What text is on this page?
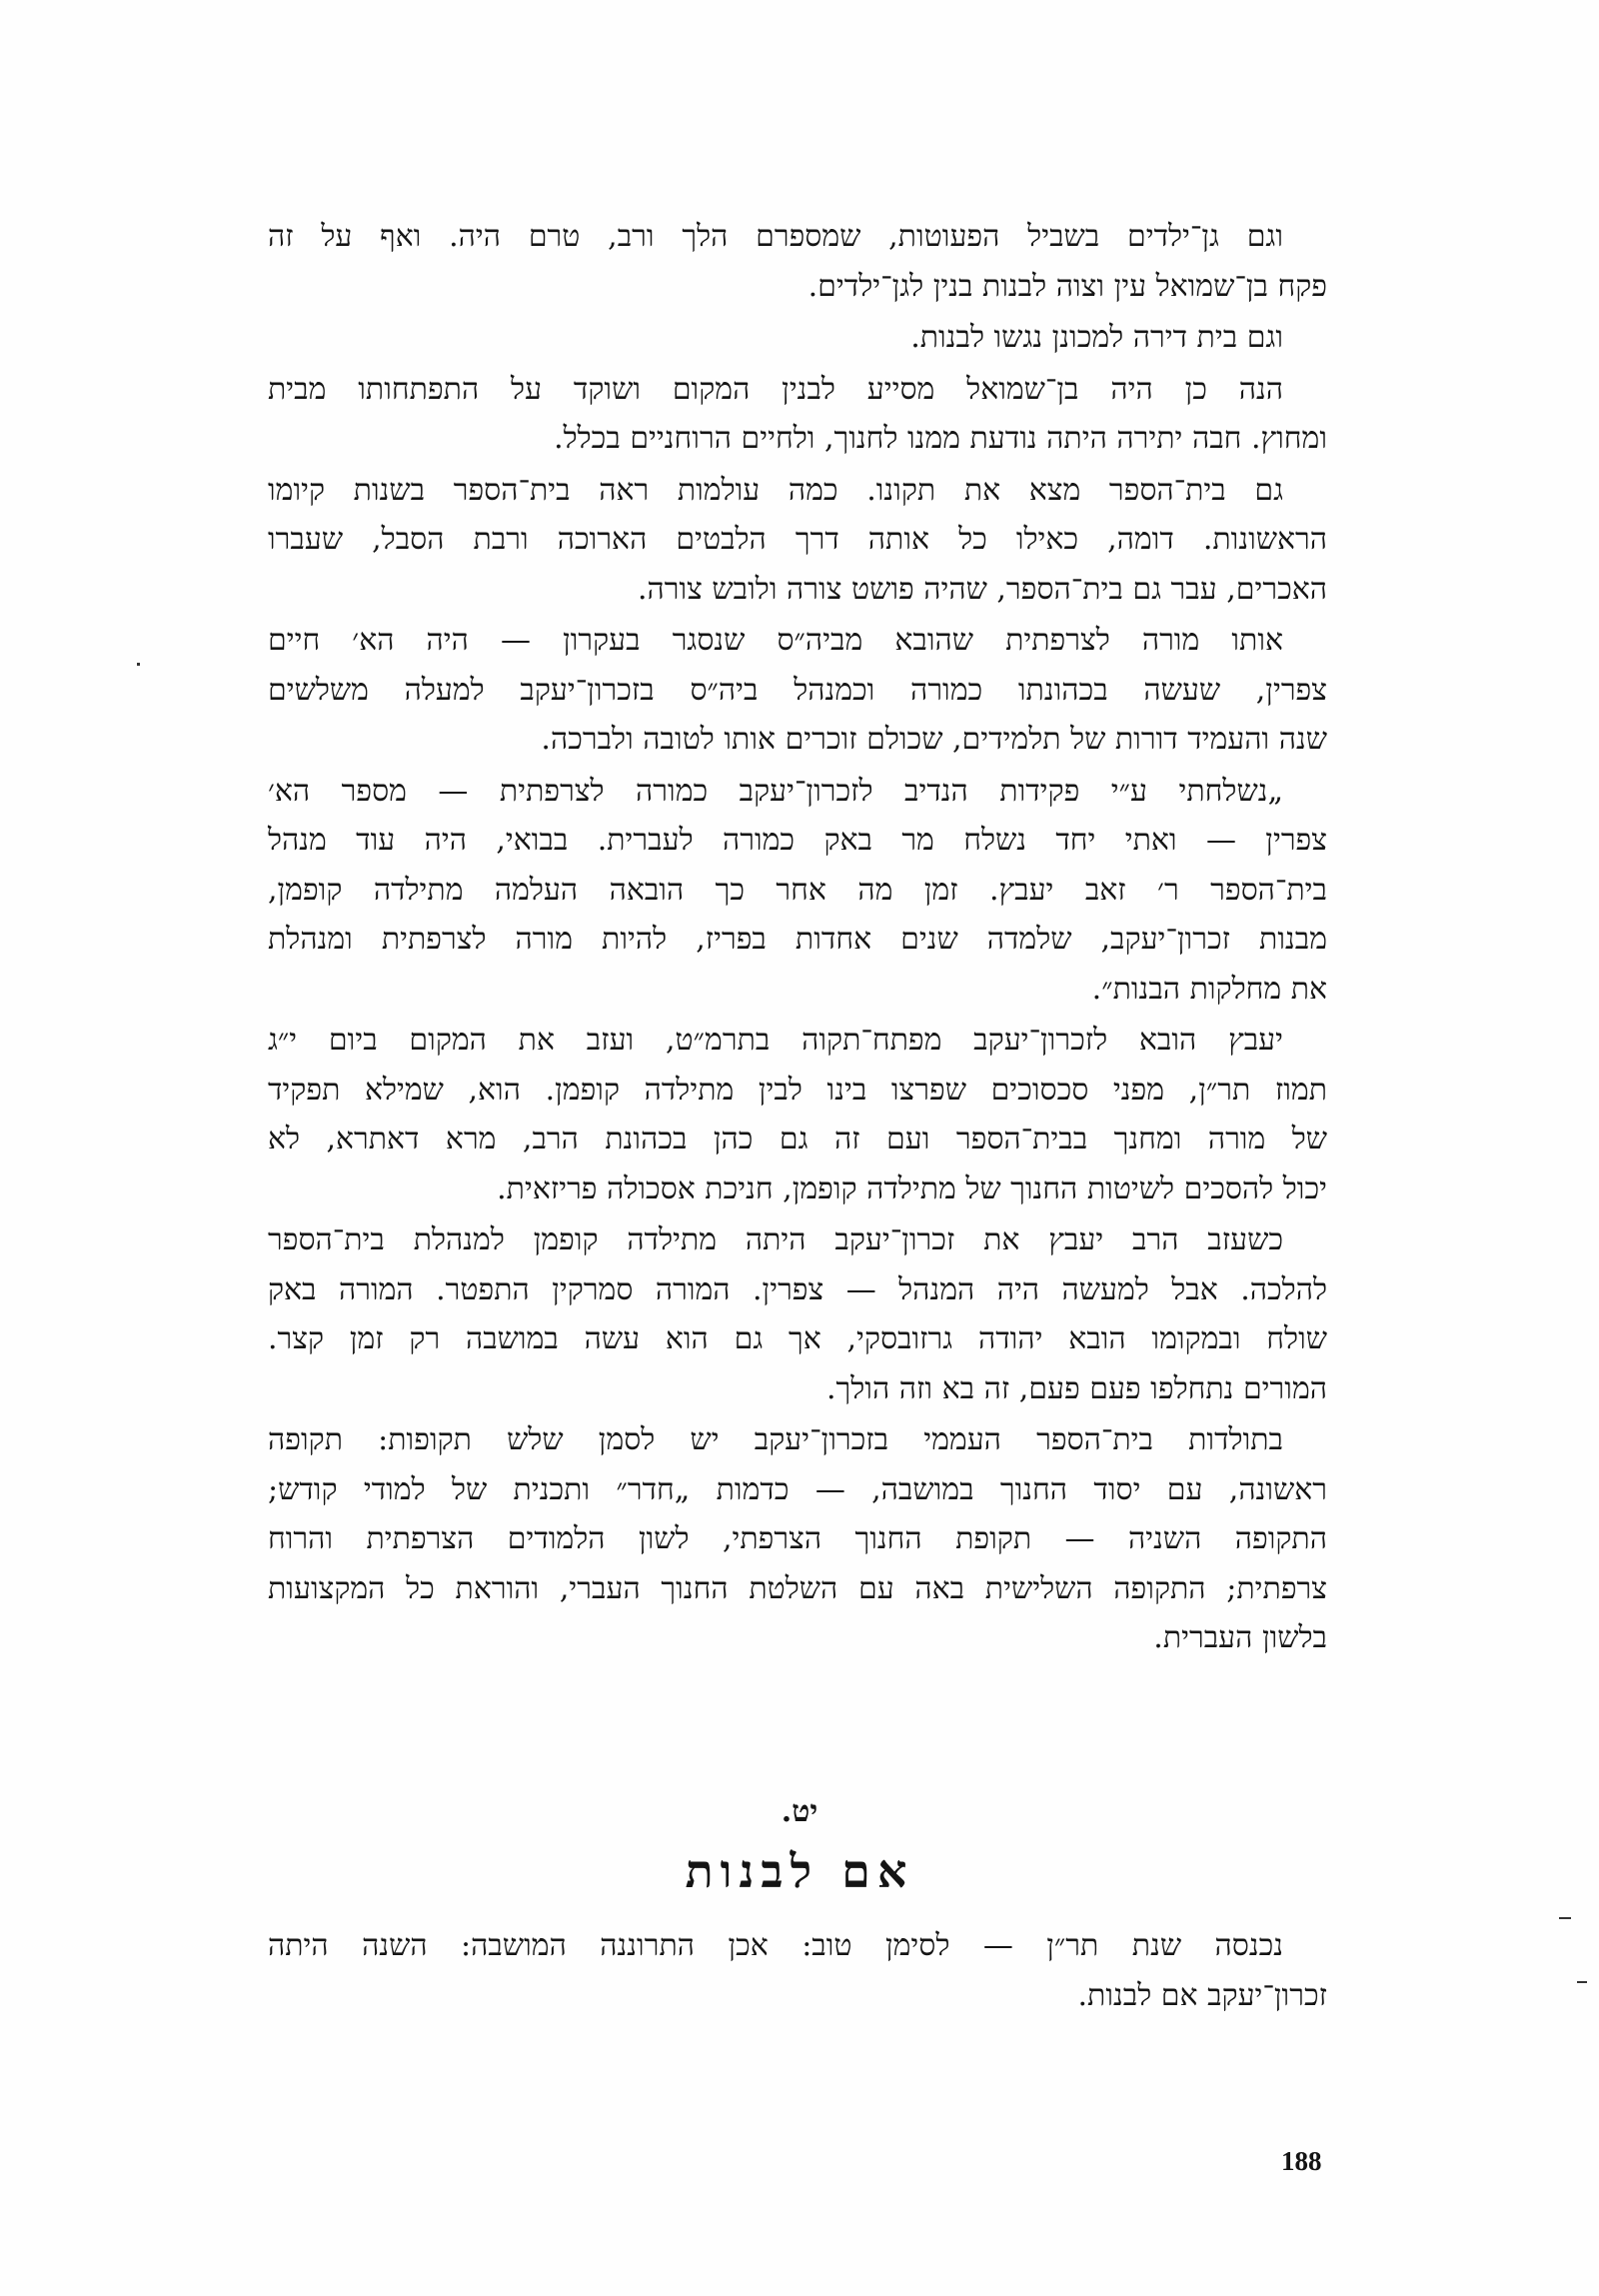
וגם גן־ילדים בשביל הפעוטות, שמספרם הלך ורב, טרם היה. ואף על זה
פקח בן־שמואל עין וצוה לבנות בנין לגן־ילדים.

וגם בית דירה למכונן נגשו לבנות.

הנה כן היה בן־שמואל מסייע לבנין המקום ושוקד על התפתחותו מבית
ומחוץ. חבה יתירה היתה נודעת ממנו לחנוך, ולחיים הרוחניים בכלל.

גם בית־הספר מצא את תקונו. כמה עולמות ראה בית־הספר בשנות קיומו
הראשונות. דומה, כאילו כל אותה דרך הלבטים הארוכה ורבת הסבל, שעברו
האכרים, עבר גם בית־הספר, שהיה פושט צורה ולובש צורה.

אותו מורה לצרפתית שהובא מביה״ס שנסגר בעקרון — היה הא׳ חיים
צפרין, שעשה בכהונתו כמורה וכמנהל ביה״ס בזכרון־יעקב למעלה משלשים
שנה והעמיד דורות של תלמידים, שכולם זוכרים אותו לטובה ולברכה.

„נשלחתי ע״י פקידות הנדיב לזכרון־יעקב כמורה לצרפתית — מספר הא׳
צפרין — ואתי יחד נשלח מר באק כמורה לעברית. בבואי, היה עוד מנהל
בית־הספר ר׳ זאב יעבץ. זמן מה אחר כך הובאה העלמה מתילדה קופמן,
מבנות זכרון־יעקב, שלמדה שנים אחדות בפריז, להיות מורה לצרפתית ומנהלת
את מחלקות הבנות״.

יעבץ הובא לזכרון־יעקב מפתח־תקוה בתרמ״ט, ועזב את המקום ביום י״ג
תמוז תר״ן, מפני סכסוכים שפרצו בינו לבין מתילדה קופמן. הוא, שמילא תפקיד
של מורה ומחנך בבית־הספר ועם זה גם כהן בכהונת הרב, מרא דאתרא, לא
יכול להסכים לשיטות החנוך של מתילדה קופמן, חניכת אסכולה פריזאית.

כשעזב הרב יעבץ את זכרון־יעקב היתה מתילדה קופמן למנהלת בית־הספר
להלכה. אבל למעשה היה המנהל — צפרין. המורה סמרקין התפטר. המורה באק
שולח ובמקומו הובא יהודה גרזובסקי, אך גם הוא עשה במושבה רק זמן קצר.
המורים נתחלפו פעם פעם, זה בא וזה הולך.

בתולדות בית־הספר העממי בזכרון־יעקב יש לסמן שלש תקופות: תקופה
ראשונה, עם יסוד החנוך במושבה, — כדמות „חדר״ ותכנית של למודי קודש;
התקופה השניה — תקופת החנוך הצרפתי, לשון הלמודים הצרפתית והרוח
צרפתית; התקופה השלישית באה עם השלטת החנוך העברי, והוראת כל המקצועות
בלשון העברית.

יט.
אם לבנות

נכנסה שנת תר״ן — לסימן טוב: אכן התרוננה המושבה: השנה היתה
זכרון־יעקב אם לבנות.

188
